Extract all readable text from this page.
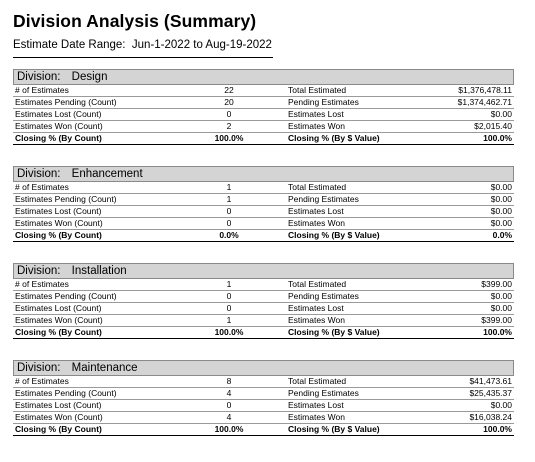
Division Analysis (Summary)
Estimate Date Range: Jun-1-2022 to Aug-19-2022
Division: Design
# of Estimates	22	Total Estimated	$1,376,478.11
Estimates Pending (Count)	20	Pending Estimates	$1,374,462.71
Estimates Lost (Count)	0	Estimates Lost	$0.00
Estimates Won (Count)	2	Estimates Won	$2,015.40
Closing % (By Count)	100.0%	Closing % (By $ Value)	100.0%
Division: Enhancement
# of Estimates	1	Total Estimated	$0.00
Estimates Pending (Count)	1	Pending Estimates	$0.00
Estimates Lost (Count)	0	Estimates Lost	$0.00
Estimates Won (Count)	0	Estimates Won	$0.00
Closing % (By Count)	0.0%	Closing % (By $ Value)	0.0%
Division: Installation
# of Estimates	1	Total Estimated	$399.00
Estimates Pending (Count)	0	Pending Estimates	$0.00
Estimates Lost (Count)	0	Estimates Lost	$0.00
Estimates Won (Count)	1	Estimates Won	$399.00
Closing % (By Count)	100.0%	Closing % (By $ Value)	100.0%
Division: Maintenance
# of Estimates	8	Total Estimated	$41,473.61
Estimates Pending (Count)	4	Pending Estimates	$25,435.37
Estimates Lost (Count)	0	Estimates Lost	$0.00
Estimates Won (Count)	4	Estimates Won	$16,038.24
Closing % (By Count)	100.0%	Closing % (By $ Value)	100.0%
